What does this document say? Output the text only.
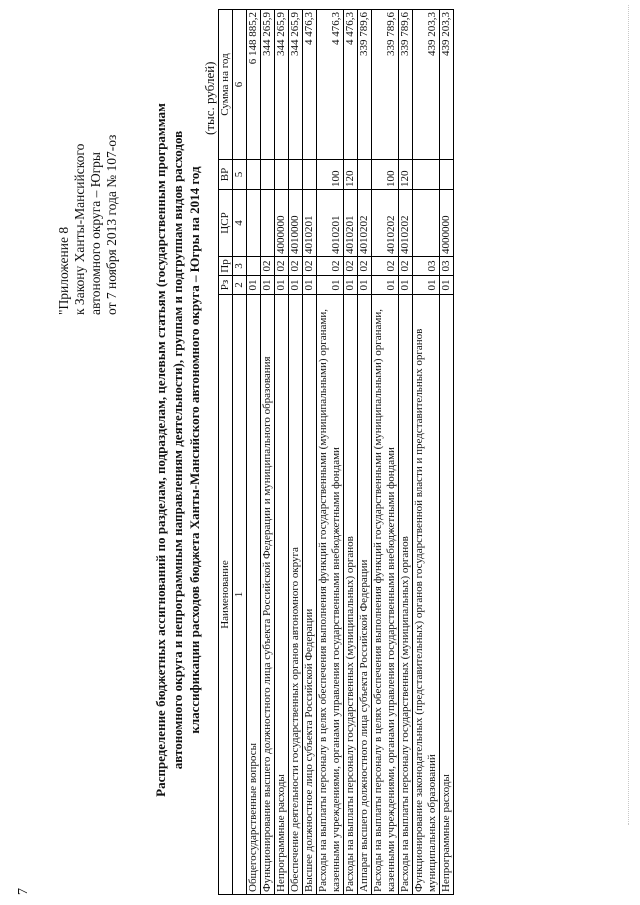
7
"Приложение 8 к Закону Ханты-Мансийского автономного округа – Югры от 7 ноября 2013 года № 107-оз	Распределение бюджетных ассигнований по разделам, подразделам, целевым статьям (государственным программам автономного округа и непрограммным направлениям деятельности), группам и подгруппам видов расходов классификации расходов бюджета Ханты-Мансийского автономного округа – Югры на 2014 год
(тыс. рублей)
Наименование	Рз	Пр	ЦСР	ВР	Сумма на год
1	2	3	4	5	6
Общегосударственные вопросы	01				6 148 885,2
Функционирование высшего должностного лица субъекта Российской Федерации и муниципального образования	01	02			344 265,9
Непрограммные расходы	01	02	4000000		344 265,9
Обеспечение деятельности государственных органов автономного округа	01	02	4010000		344 265,9
Высшее должностное лицо субъекта Российской Федерации	01	02	4010201		4 476,3
Расходы на выплаты персоналу в целях обеспечения выполнения функций государственными (муниципальными) органами, казенными учреждениями, органами управления государственными внебюджетными фондами	01	02	4010201	100	4 476,3
Расходы на выплаты персоналу государственных (муниципальных) органов	01	02	4010201	120	4 476,3
Аппарат высшего должностного лица субъекта Российской Федерации	01	02	4010202		339 789,6
Расходы на выплаты персоналу в целях обеспечения выполнения функций государственными (муниципальными) органами, казенными учреждениями, органами управления государственными внебюджетными фондами	01	02	4010202	100	339 789,6
Расходы на выплаты персоналу государственных (муниципальных) органов	01	02	4010202	120	339 789,6
Функционирование законодательных (представительных) органов государственной власти и представительных органов муниципальных образований	01	03			439 203,3
Непрограммные расходы	01	03	4000000		439 203,3
